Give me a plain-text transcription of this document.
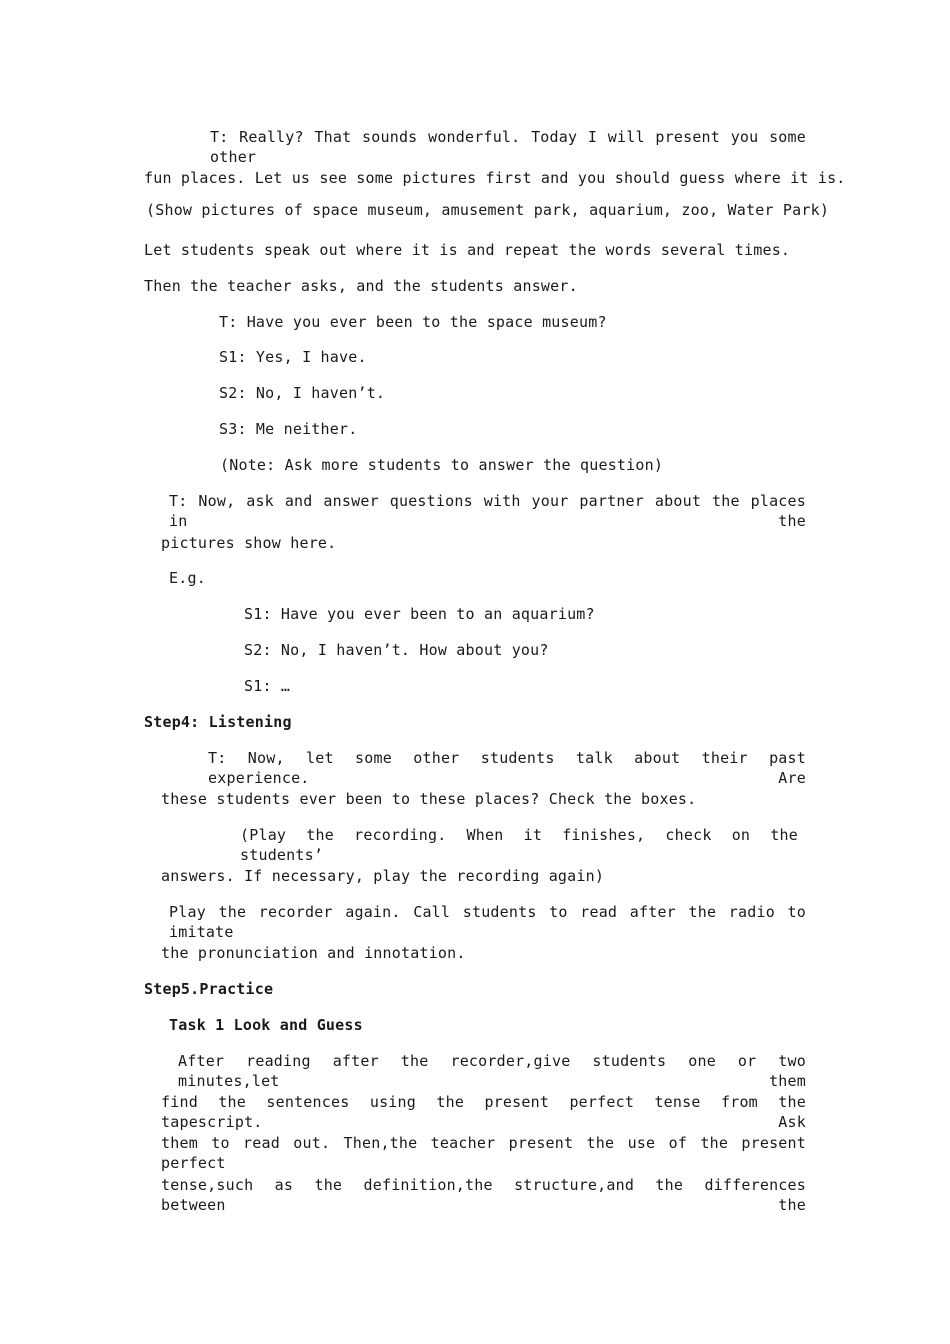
T: Really? That sounds wonderful. Today I will present you some other
fun places. Let us see some pictures first and you should guess where it is.
(Show pictures of space museum, amusement park, aquarium, zoo, Water Park)
Let students speak out where it is and repeat the words several times.
Then the teacher asks, and the students answer.
T: Have you ever been to the space museum?
S1: Yes, I have.
S2: No, I haven’t.
S3: Me neither.
(Note: Ask more students to answer the question)
T: Now, ask and answer questions with your partner about the places in the
pictures show here.
E.g.
S1: Have you ever been to an aquarium?
S2: No, I haven’t. How about you?
S1: …
Step4: Listening
T: Now, let some other students talk about their past experience. Are
these students ever been to these places? Check the boxes.
(Play the recording. When it finishes, check on the students’
answers. If necessary, play the recording again)
Play the recorder again. Call students to read after the radio to imitate
the pronunciation and innotation.
Step5.Practice
Task 1 Look and Guess
After reading after the recorder,give students one or two minutes,let them
find the sentences using the present perfect tense from the tapescript. Ask
them to read out. Then,the teacher present the use of the present perfect
tense,such as the definition,the structure,and the differences between the
